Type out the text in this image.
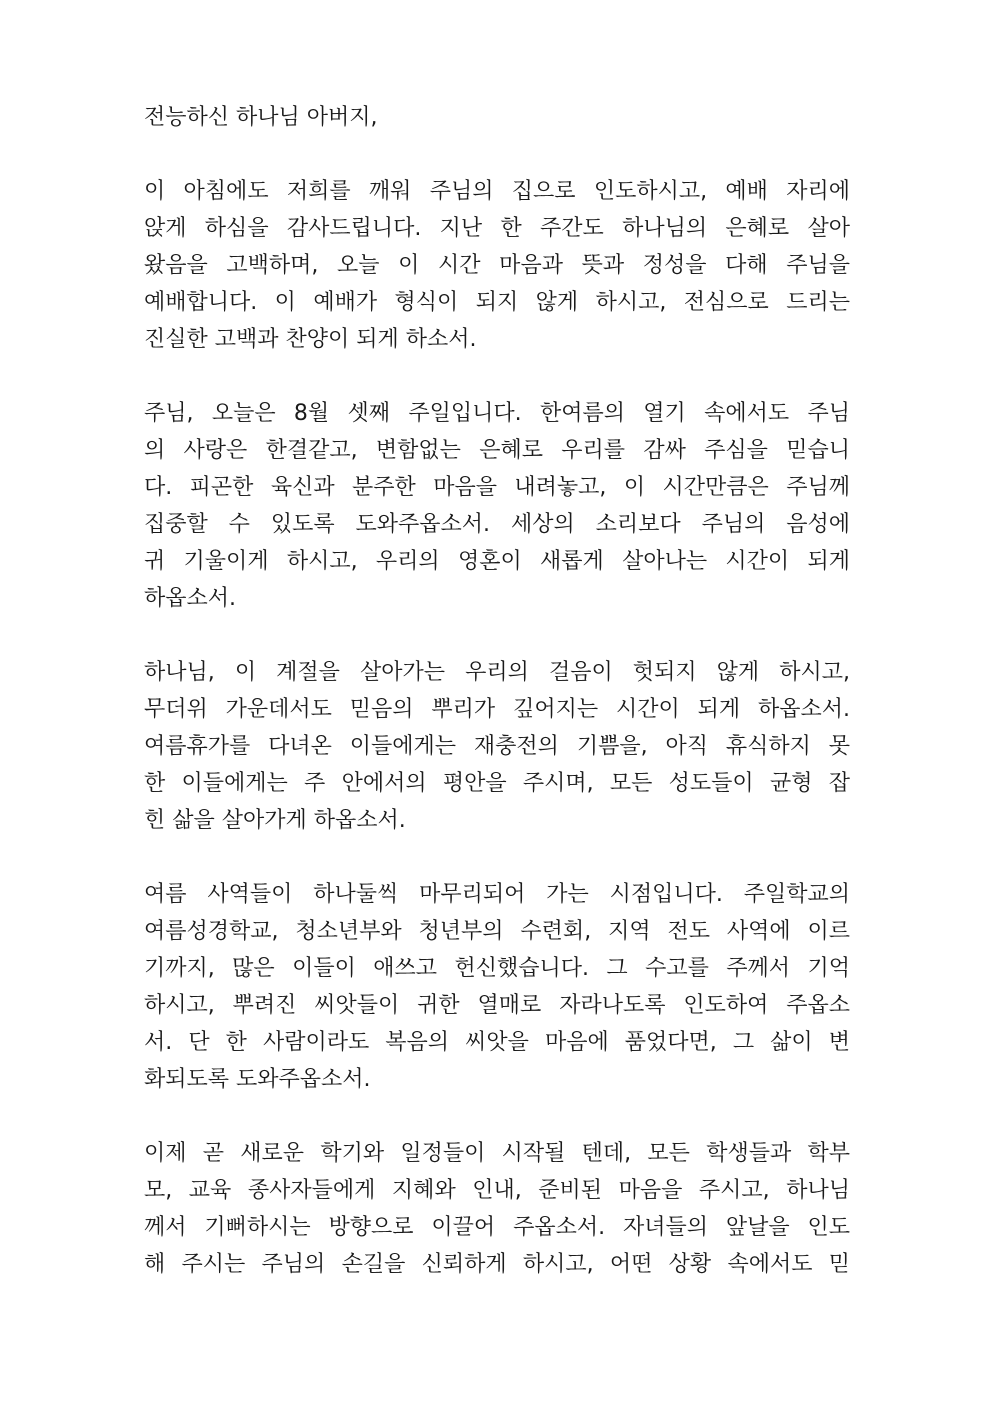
전능하신 하나님 아버지,
이 아침에도 저희를 깨워 주님의 집으로 인도하시고, 예배 자리에
앉게 하심을 감사드립니다. 지난 한 주간도 하나님의 은혜로 살아
왔음을 고백하며, 오늘 이 시간 마음과 뜻과 정성을 다해 주님을
예배합니다. 이 예배가 형식이 되지 않게 하시고, 전심으로 드리는
진실한 고백과 찬양이 되게 하소서.
주님, 오늘은 8월 셋째 주일입니다. 한여름의 열기 속에서도 주님
의 사랑은 한결같고, 변함없는 은혜로 우리를 감싸 주심을 믿습니
다. 피곤한 육신과 분주한 마음을 내려놓고, 이 시간만큼은 주님께
집중할 수 있도록 도와주옵소서. 세상의 소리보다 주님의 음성에
귀 기울이게 하시고, 우리의 영혼이 새롭게 살아나는 시간이 되게
하옵소서.
하나님, 이 계절을 살아가는 우리의 걸음이 헛되지 않게 하시고,
무더위 가운데서도 믿음의 뿌리가 깊어지는 시간이 되게 하옵소서.
여름휴가를 다녀온 이들에게는 재충전의 기쁨을, 아직 휴식하지 못
한 이들에게는 주 안에서의 평안을 주시며, 모든 성도들이 균형 잡
힌 삶을 살아가게 하옵소서.
여름 사역들이 하나둘씩 마무리되어 가는 시점입니다. 주일학교의
여름성경학교, 청소년부와 청년부의 수련회, 지역 전도 사역에 이르
기까지, 많은 이들이 애쓰고 헌신했습니다. 그 수고를 주께서 기억
하시고, 뿌려진 씨앗들이 귀한 열매로 자라나도록 인도하여 주옵소
서. 단 한 사람이라도 복음의 씨앗을 마음에 품었다면, 그 삶이 변
화되도록 도와주옵소서.
이제 곧 새로운 학기와 일정들이 시작될 텐데, 모든 학생들과 학부
모, 교육 종사자들에게 지혜와 인내, 준비된 마음을 주시고, 하나님
께서 기뻐하시는 방향으로 이끌어 주옵소서. 자녀들의 앞날을 인도
해 주시는 주님의 손길을 신뢰하게 하시고, 어떤 상황 속에서도 믿
